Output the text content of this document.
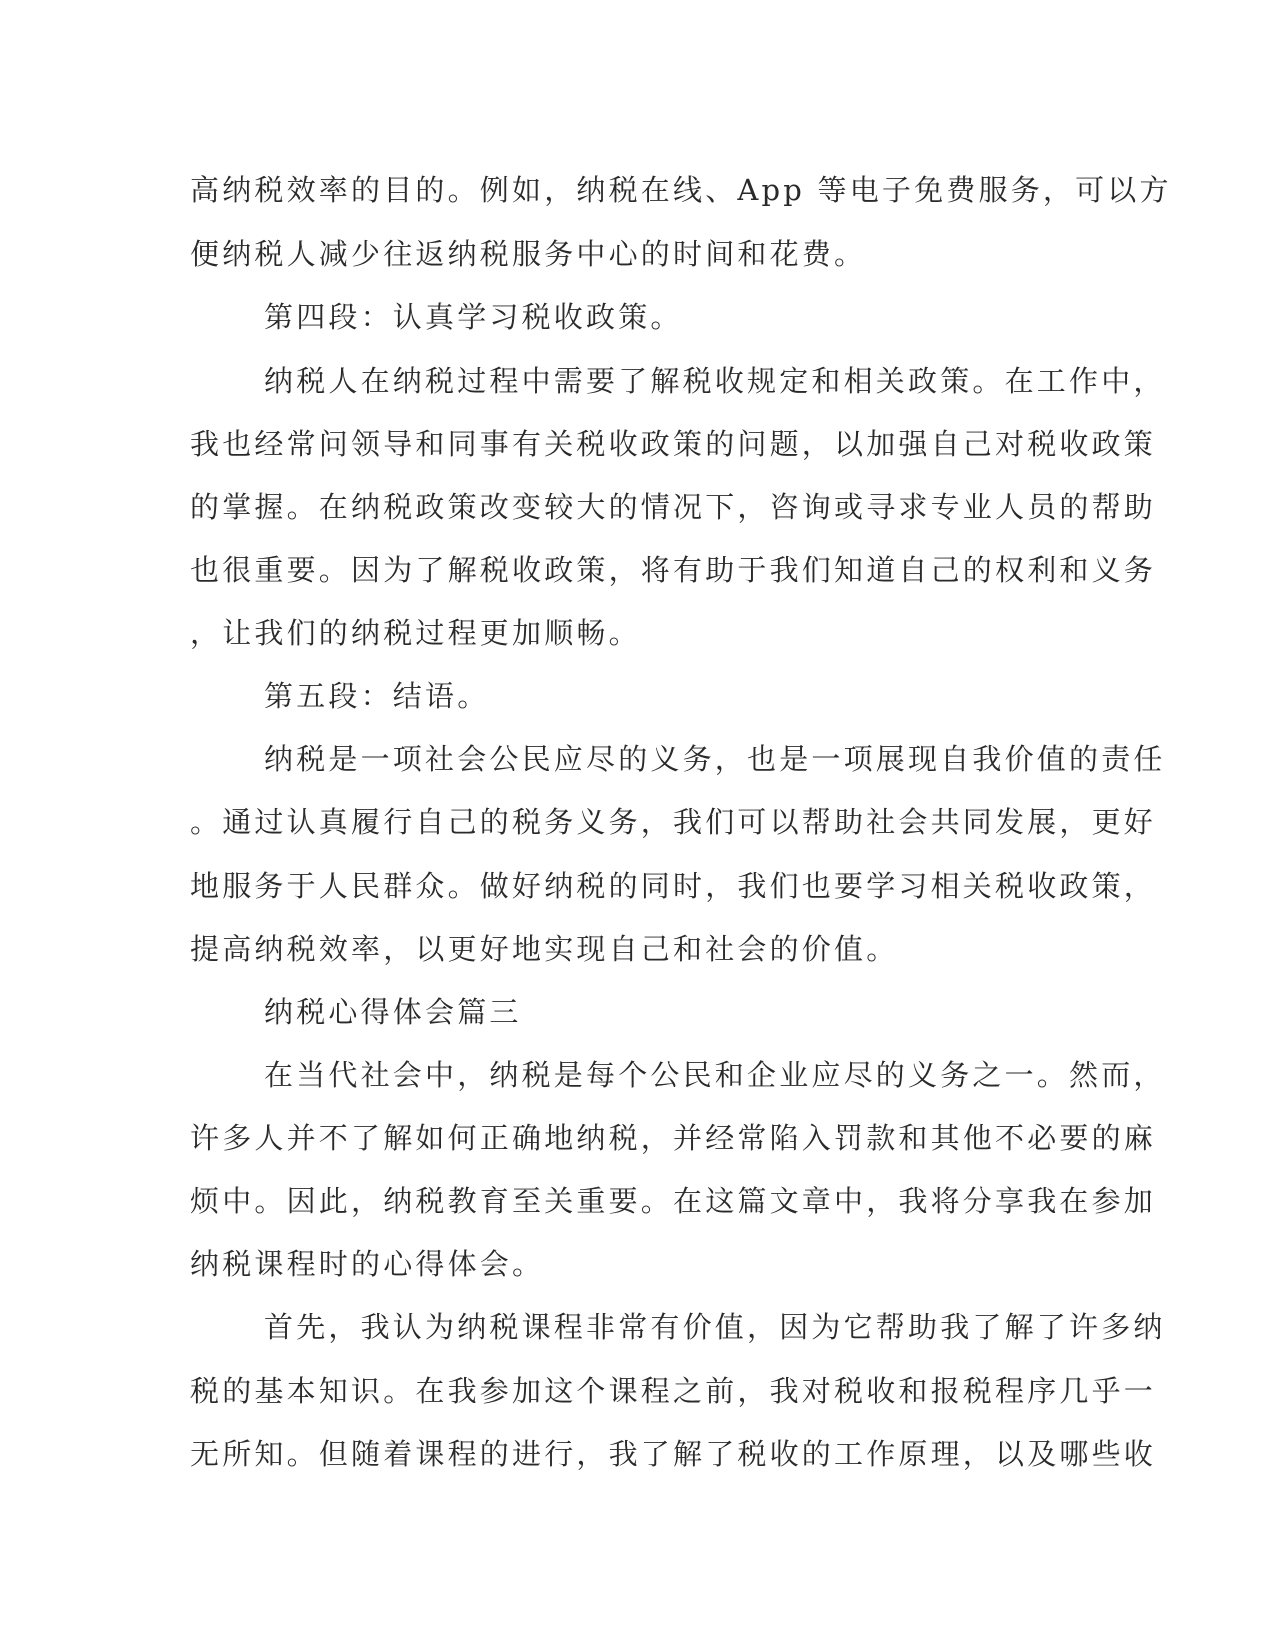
高纳税效率的目的。例如，纳税在线、App 等电子免费服务，可以方
便纳税人减少往返纳税服务中心的时间和花费。
第四段：认真学习税收政策。
纳税人在纳税过程中需要了解税收规定和相关政策。在工作中，
我也经常问领导和同事有关税收政策的问题，以加强自己对税收政策
的掌握。在纳税政策改变较大的情况下，咨询或寻求专业人员的帮助
也很重要。因为了解税收政策，将有助于我们知道自己的权利和义务
，让我们的纳税过程更加顺畅。
第五段：结语。
纳税是一项社会公民应尽的义务，也是一项展现自我价值的责任
。通过认真履行自己的税务义务，我们可以帮助社会共同发展，更好
地服务于人民群众。做好纳税的同时，我们也要学习相关税收政策，
提高纳税效率，以更好地实现自己和社会的价值。
纳税心得体会篇三
在当代社会中，纳税是每个公民和企业应尽的义务之一。然而，
许多人并不了解如何正确地纳税，并经常陷入罚款和其他不必要的麻
烦中。因此，纳税教育至关重要。在这篇文章中，我将分享我在参加
纳税课程时的心得体会。
首先，我认为纳税课程非常有价值，因为它帮助我了解了许多纳
税的基本知识。在我参加这个课程之前，我对税收和报税程序几乎一
无所知。但随着课程的进行，我了解了税收的工作原理，以及哪些收
